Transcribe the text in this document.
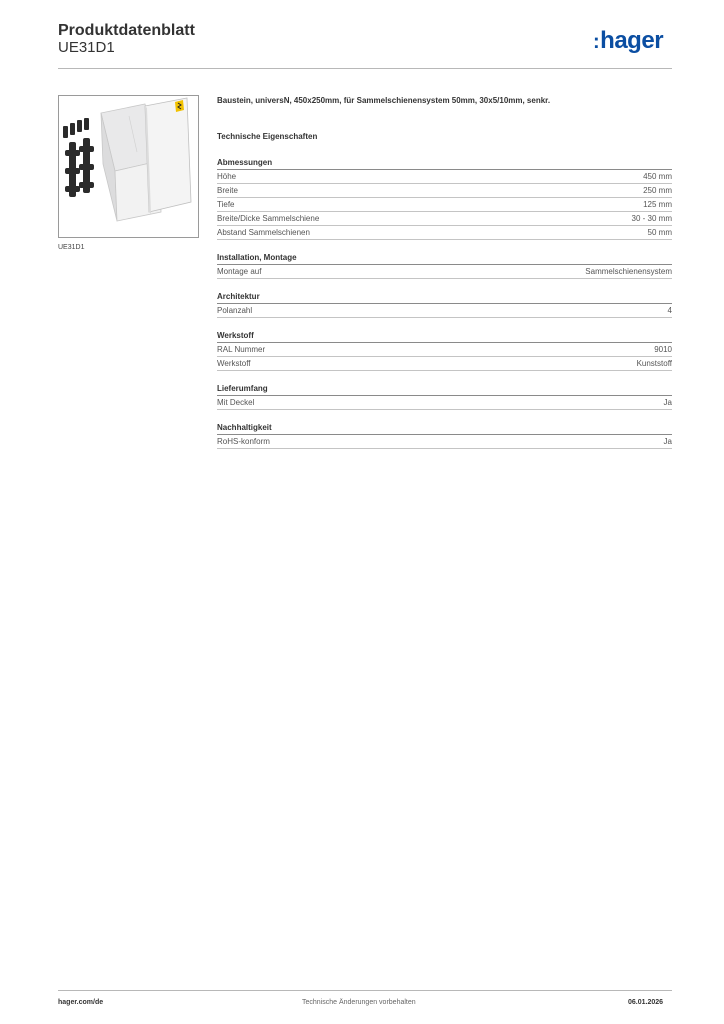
Produktdatenblatt
UE31D1	:hager
UE31D1
Baustein, universN, 450x250mm, für Sammelschienensystem 50mm, 30x5/10mm, senkr.
Technische Eigenschaften
Abmessungen
Höhe	450 mm
Breite	250 mm
Tiefe	125 mm
Breite/Dicke Sammelschiene	30 - 30 mm
Abstand Sammelschienen	50 mm
Installation, Montage
Montage auf	Sammelschienensystem
Architektur
Polanzahl	4
Werkstoff
RAL Nummer	9010
Werkstoff	Kunststoff
Lieferumfang
Mit Deckel	Ja
Nachhaltigkeit
RoHS-konform	Ja
hager.com/de	Technische Änderungen vorbehalten	06.01.2026
